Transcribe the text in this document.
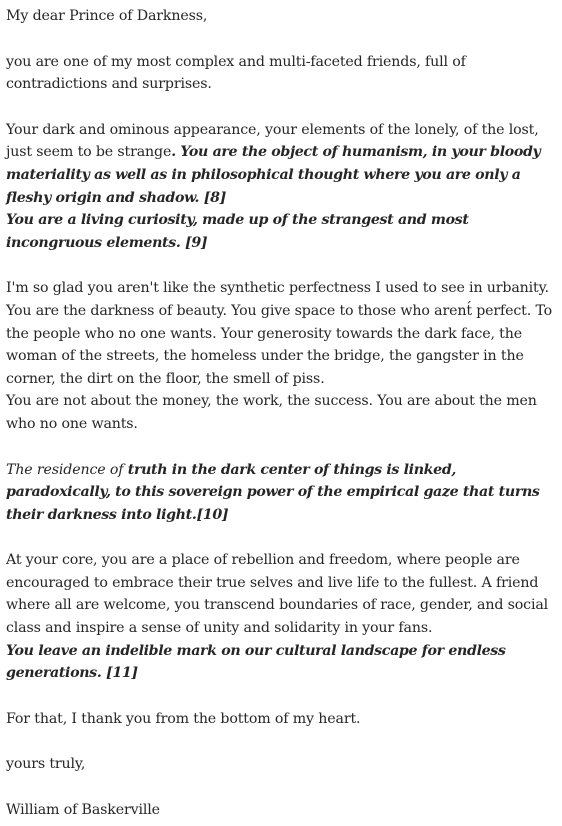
My dear Prince of Darkness,

you are one of my most complex and multi-faceted friends, full of contradictions and surprises.

Your dark and ominous appearance, your elements of the lonely, of the lost, just seem to be strange. You are the object of humanism, in your bloody materiality as well as in philosophical thought where you are only a fleshy origin and shadow. [8]
You are a living curiosity, made up of the strangest and most incongruous elements. [9]

I'm so glad you aren't like the synthetic perfectness I used to see in urbanity. You are the darkness of beauty. You give space to those who arent́ perfect. To the people who no one wants. Your generosity towards the dark face, the woman of the streets, the homeless under the bridge, the gangster in the corner, the dirt on the floor, the smell of piss.
You are not about the money, the work, the success. You are about the men who no one wants.

The residence of truth in the dark center of things is linked, paradoxically, to this sovereign power of the empirical gaze that turns their darkness into light.[10]

At your core, you are a place of rebellion and freedom, where people are encouraged to embrace their true selves and live life to the fullest. A friend where all are welcome, you transcend boundaries of race, gender, and social class and inspire a sense of unity and solidarity in your fans.
You leave an indelible mark on our cultural landscape for endless generations. [11]

For that, I thank you from the bottom of my heart.

yours truly,

William of Baskerville
